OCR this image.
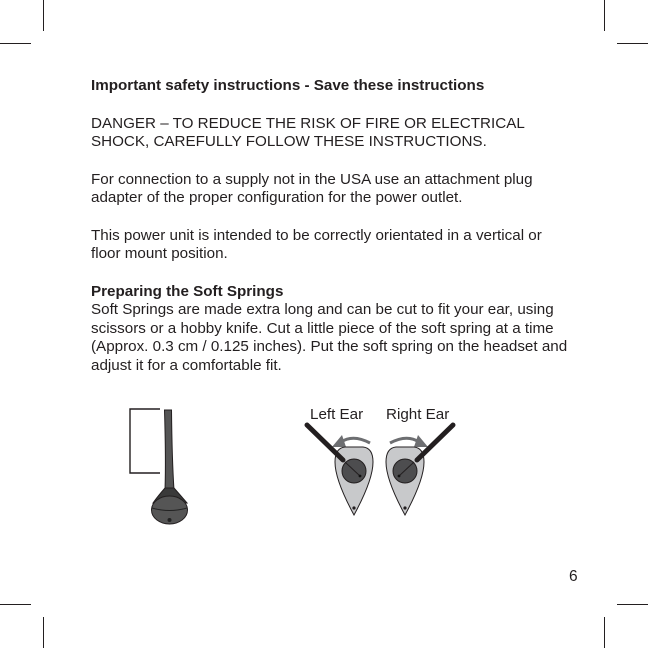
Important safety instructions - Save these instructions

DANGER – TO REDUCE THE RISK OF FIRE OR ELECTRICAL SHOCK, CAREFULLY FOLLOW THESE INSTRUCTIONS.

For connection to a supply not in the USA use an attachment plug adapter of the proper configuration for the power outlet.

This power unit is intended to be correctly orientated in a vertical or floor mount position.

Preparing the Soft Springs

Soft Springs are made extra long and can be cut to fit your ear, using scissors or a hobby knife. Cut a little piece of the soft spring at a time (Approx. 0.3 cm / 0.125 inches). Put the soft spring on the headset and adjust it for a comfortable fit.

Left Ear Right Ear
6
